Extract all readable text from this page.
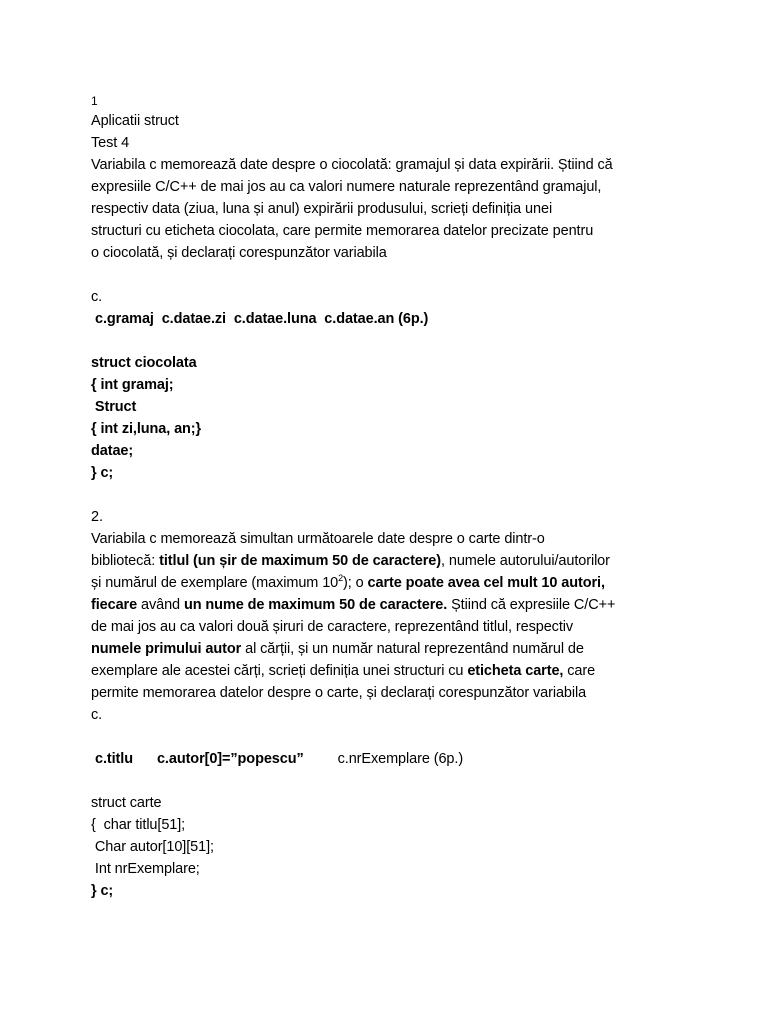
1
Aplicatii struct
Test 4
Variabila c memorează date despre o ciocolată: gramajul și data expirării. Știind că
expresiile C/C++ de mai jos au ca valori numere naturale reprezentând gramajul,
respectiv data (ziua, luna și anul) expirării produsului, scrieți definiția unei
structuri cu eticheta ciocolata, care permite memorarea datelor precizate pentru
o ciocolată, și declarați corespunzător variabila
c.
c.gramaj  c.datae.zi  c.datae.luna  c.datae.an (6p.)
struct ciocolata
{ int gramaj;
Struct
{ int zi,luna, an;}
datae;
} c;
2.
Variabila c memorează simultan următoarele date despre o carte dintr-o
bibliotecă: titlul (un șir de maximum 50 de caractere), numele autorului/autorilor
și numărul de exemplare (maximum $10^2$); o carte poate avea cel mult 10 autori,
fiecare având un nume de maximum 50 de caractere. Știind că expresiile C/C++
de mai jos au ca valori două șiruri de caractere, reprezentând titlul, respectiv
numele primului autor al cărții, și un număr natural reprezentând numărul de
exemplare ale acestei cărți, scrieți definiția unei structuri cu eticheta carte, care
permite memorarea datelor despre o carte, și declarați corespunzător variabila
c.
c.titlu c.autor[0]=”popescu” c.nrExemplare (6p.)
struct carte
{  char titlu[51];
Char autor[10][51];
Int nrExemplare;
} c;
